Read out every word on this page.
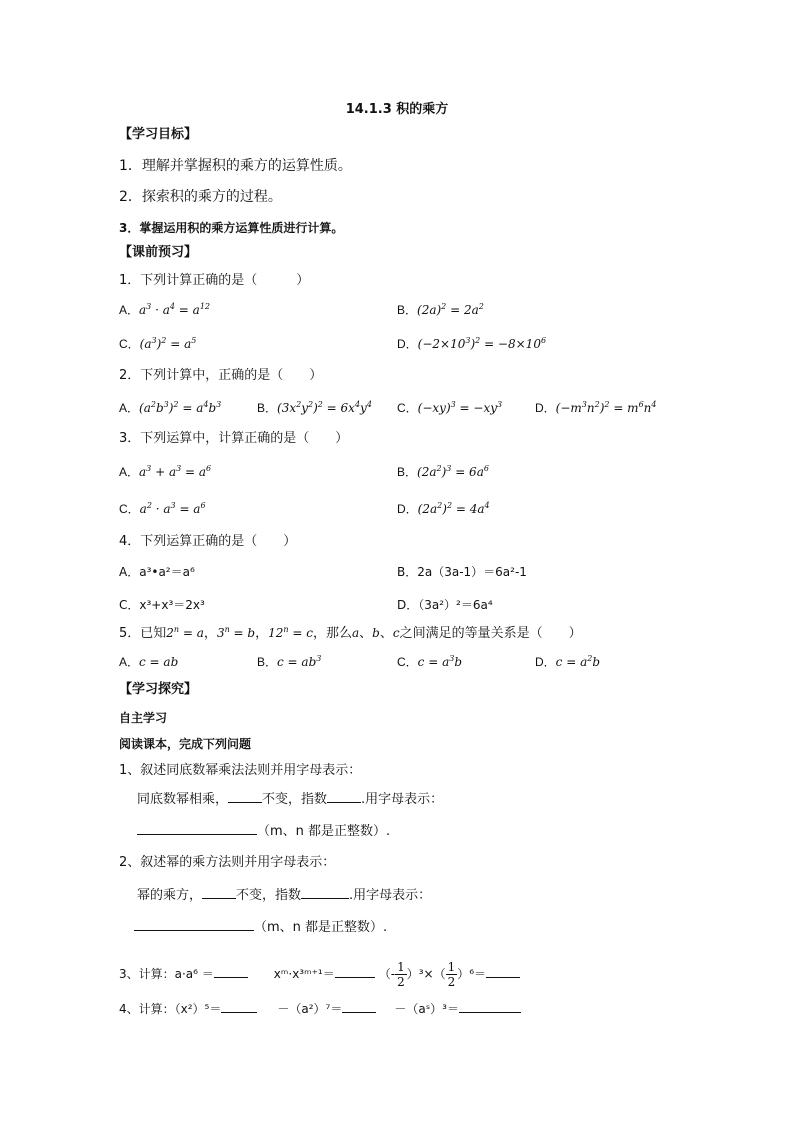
14.1.3 积的乘方
【学习目标】
1．理解并掌握积的乘方的运算性质。
2．探索积的乘方的过程。
3．掌握运用积的乘方运算性质进行计算。
【课前预习】
1．下列计算正确的是（　　　）
A．$a^3 \cdot a^4 = a^{12}$	B．$(2a)^2 = 2a^2$
C．$(a^3)^2 = a^5$	D．$(-2\times 10^3)^2 = -8\times 10^6$
2．下列计算中，正确的是（　　）
A．$(a^2b^3)^2 = a^4b^3$	B．$(3x^2y^2)^2 = 6x^4y^4$ C．$(-xy)^3 = -xy^3$	D．$(-m^3n^2)^2 = m^6n^4$
3．下列运算中，计算正确的是（　　）
A．$a^3 + a^3 = a^6$	B．$(2a^2)^3 = 6a^6$
C．$a^2 \cdot a^3 = a^6$	D．$(2a^2)^2 = 4a^4$
4．下列运算正确的是（　　）
A．a³•a²＝a⁶	B．2a（3a-1）＝6a²-1
C．x³+x³＝2x³	D．（3a²）²＝6a⁴
5．已知$2^n = a$，$3^n = b$，$12^n = c$，那么a、b、c之间满足的等量关系是（　　）
A．c = ab	B．$c = ab^3$	C．$c = a^3b$	D．$c = a^2b$
【学习探究】
自主学习
阅读课本，完成下列问题
1、叙述同底数幂乘法法则并用字母表示：
同底数幂相乘，	不变，指数	.用字母表示：
（m、n 都是正整数）.
2、叙述幂的乘方法则并用字母表示：
幂的乘方，	不变，指数	.用字母表示：
（m、n 都是正整数）.
3、计算：a·a⁶ ＝	xᵐ·x³ᵐ⁺¹＝	（- $\frac{1}{2} )^3\times( \frac{1}{2} )^6=$
4、计算：（x²）⁵＝	－（a²）⁷＝	－（aˢ）³＝
